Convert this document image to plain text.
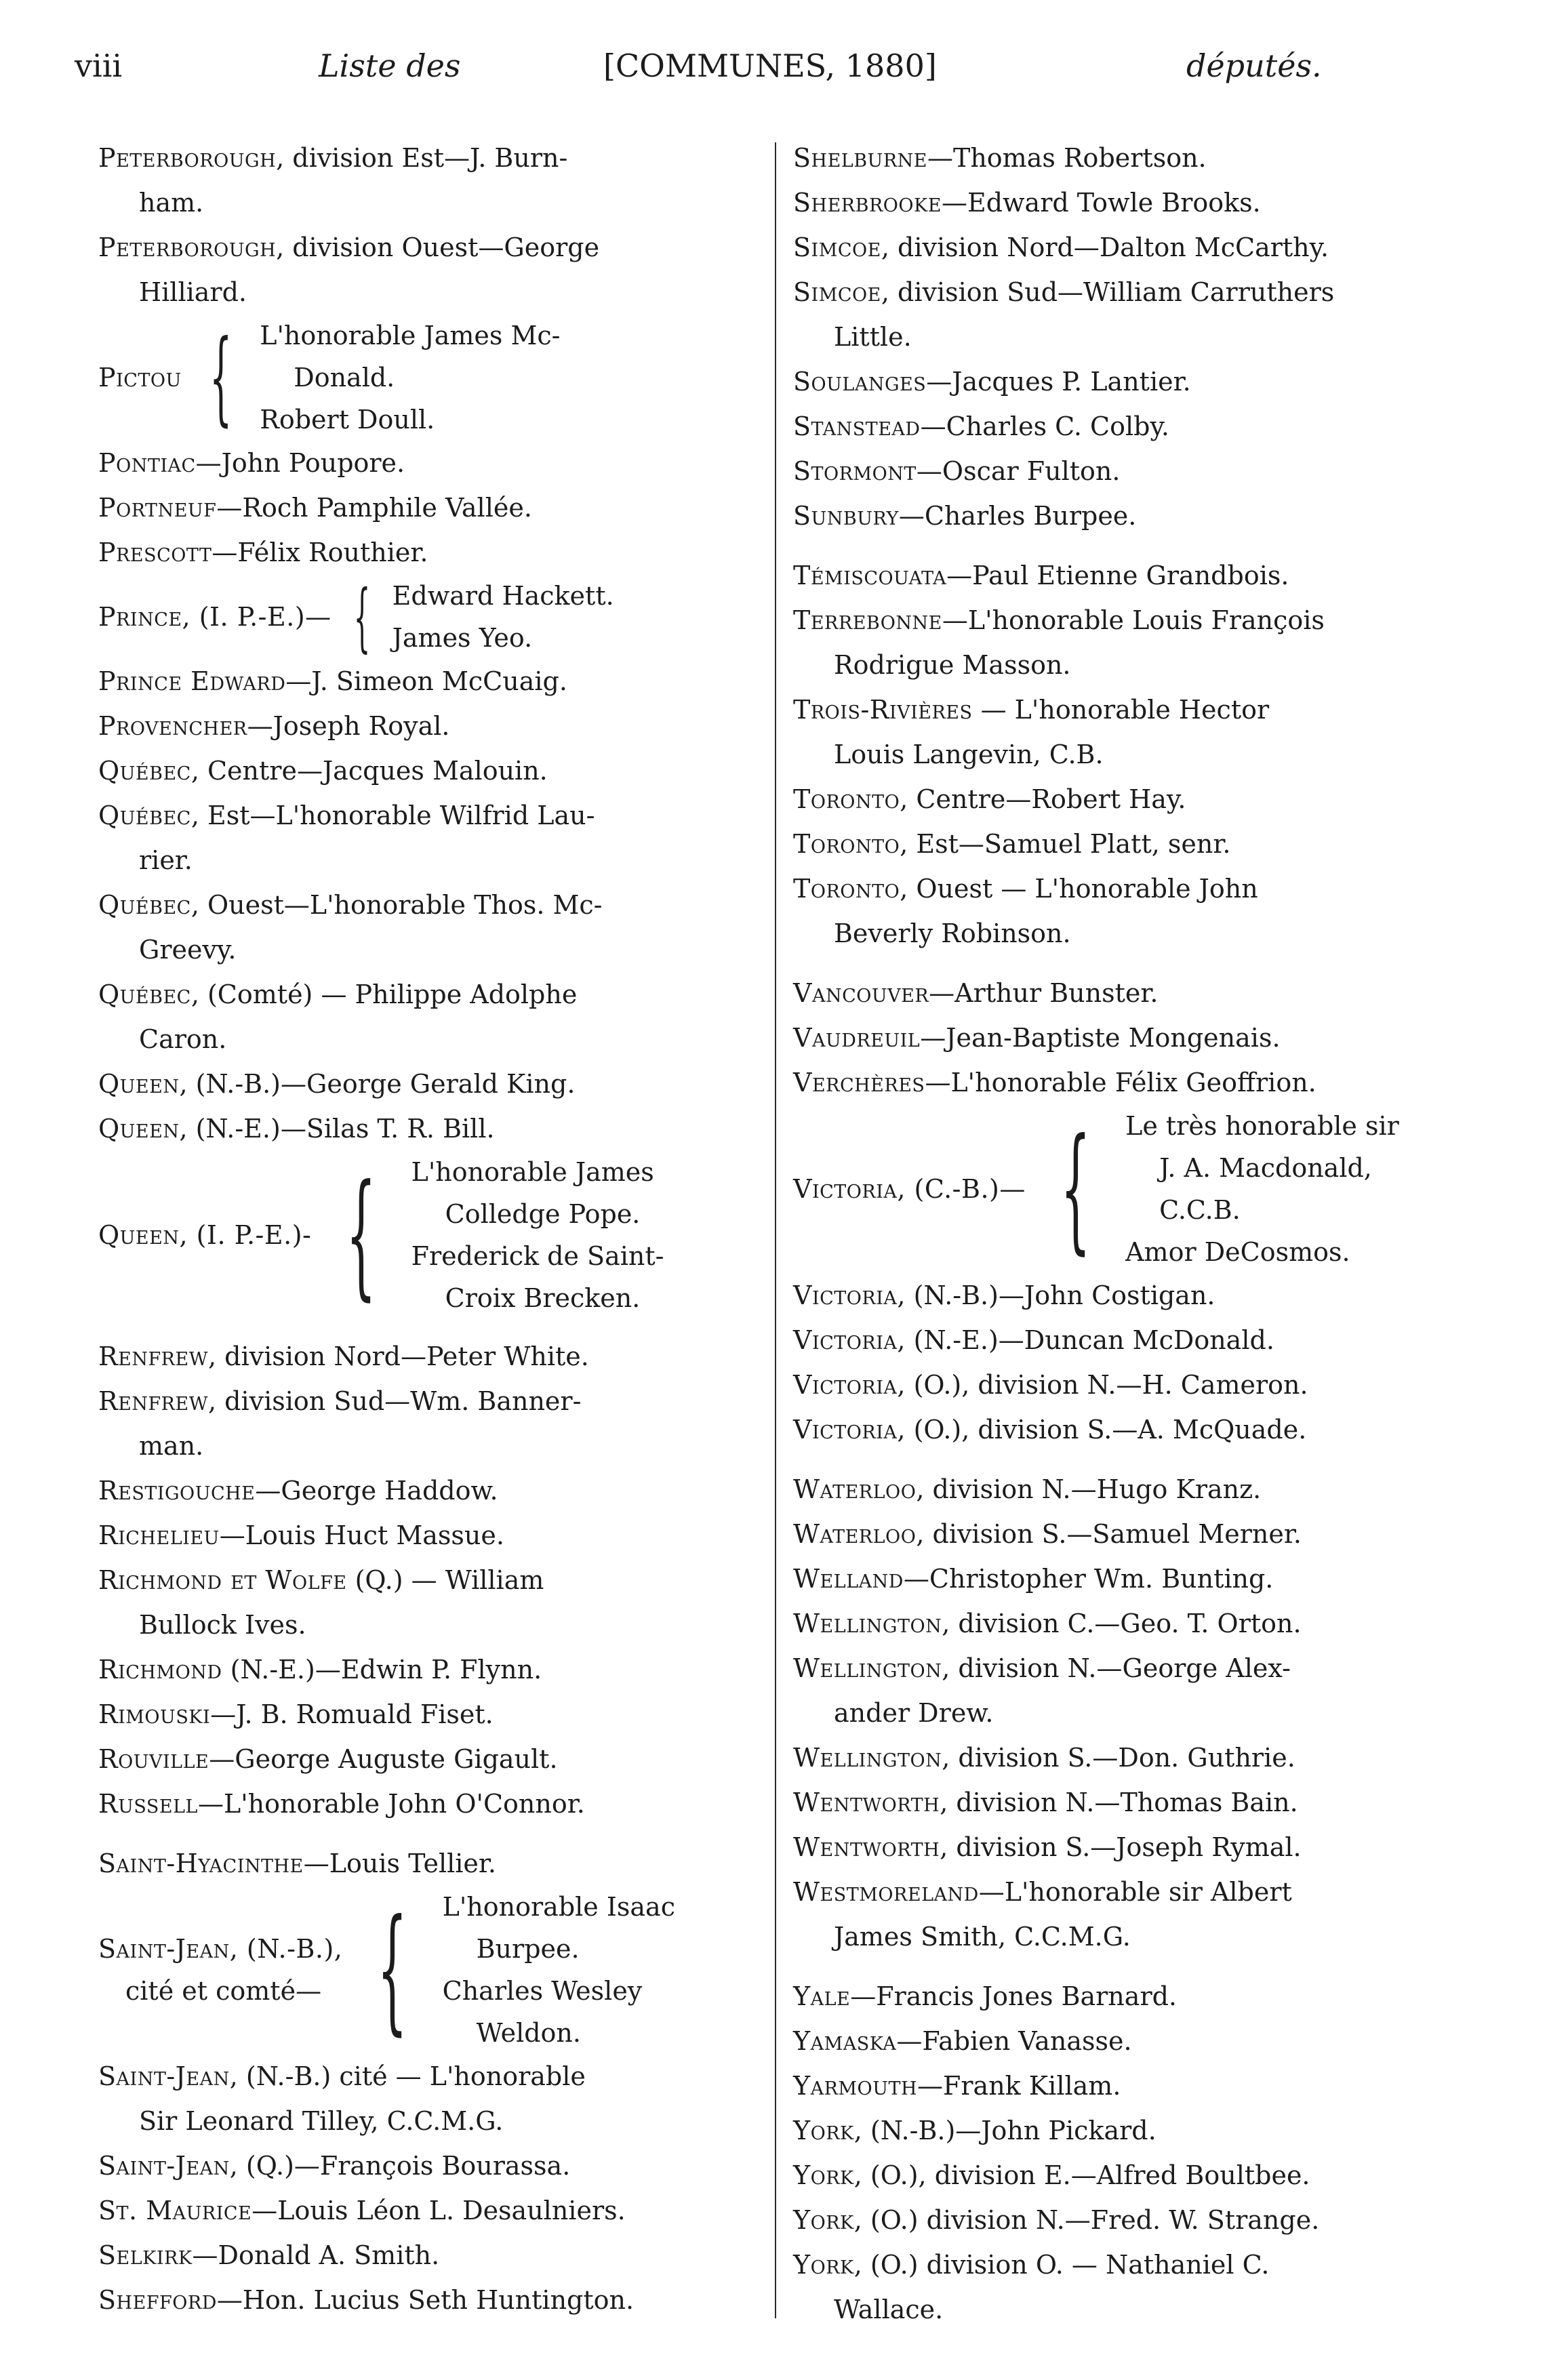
viii	Liste des	[COMMUNES, 1880]	députés.
Peterborough, division Est—J. Burn-
ham.
Peterborough, division Ouest—George
Hilliard.
Pictou { L'honorable James Mc-
Donald.
Robert Doull.
Pontiac—John Poupore.
Portneuf—Roch Pamphile Vallée.
Prescott—Félix Routhier.
Prince, (I. P.-E.)— { Edward Hackett.
James Yeo.
Prince Edward—J. Simeon McCuaig.
Provencher—Joseph Royal.
Québec, Centre—Jacques Malouin.
Québec, Est—L'honorable Wilfrid Lau-
rier.
Québec, Ouest—L'honorable Thos. Mc-
Greevy.
Québec, (Comté) — Philippe Adolphe
Caron.
Queen, (N.-B.)—George Gerald King.
Queen, (N.-E.)—Silas T. R. Bill.
Queen, (I. P.-E.)- { L'honorable James
Colledge Pope.
Frederick de Saint-
Croix Brecken.
Renfrew, division Nord—Peter White.
Renfrew, division Sud—Wm. Banner-
man.
Restigouche—George Haddow.
Richelieu—Louis Huct Massue.
Richmond et Wolfe (Q.) — William
Bullock Ives.
Richmond (N.-E.)—Edwin P. Flynn.
Rimouski—J. B. Romuald Fiset.
Rouville—George Auguste Gigault.
Russell—L'honorable John O'Connor.
Saint-Hyacinthe—Louis Tellier.
Saint-Jean, (N.-B.),
cité et comté— { L'honorable Isaac
Burpee.
Charles Wesley
Weldon.
Saint-Jean, (N.-B.) cité — L'honorable
Sir Leonard Tilley, C.C.M.G.
Saint-Jean, (Q.)—François Bourassa.
St. Maurice—Louis Léon L. Desaulniers.
Selkirk—Donald A. Smith.
Shefford—Hon. Lucius Seth Huntington.
Shelburne—Thomas Robertson.
Sherbrooke—Edward Towle Brooks.
Simcoe, division Nord—Dalton McCarthy.
Simcoe, division Sud—William Carruthers
Little.
Soulanges—Jacques P. Lantier.
Stanstead—Charles C. Colby.
Stormont—Oscar Fulton.
Sunbury—Charles Burpee.
Témiscouata—Paul Etienne Grandbois.
Terrebonne—L'honorable Louis François
Rodrigue Masson.
Trois-Rivières — L'honorable Hector
Louis Langevin, C.B.
Toronto, Centre—Robert Hay.
Toronto, Est—Samuel Platt, senr.
Toronto, Ouest — L'honorable John
Beverly Robinson.
Vancouver—Arthur Bunster.
Vaudreuil—Jean-Baptiste Mongenais.
Verchères—L'honorable Félix Geoffrion.
Victoria, (C.-B.)— { Le très honorable sir
J. A. Macdonald,
C.C.B.
Amor DeCosmos.
Victoria, (N.-B.)—John Costigan.
Victoria, (N.-E.)—Duncan McDonald.
Victoria, (O.), division N.—H. Cameron.
Victoria, (O.), division S.—A. McQuade.
Waterloo, division N.—Hugo Kranz.
Waterloo, division S.—Samuel Merner.
Welland—Christopher Wm. Bunting.
Wellington, division C.—Geo. T. Orton.
Wellington, division N.—George Alex-
ander Drew.
Wellington, division S.—Don. Guthrie.
Wentworth, division N.—Thomas Bain.
Wentworth, division S.—Joseph Rymal.
Westmoreland—L'honorable sir Albert
James Smith, C.C.M.G.
Yale—Francis Jones Barnard.
Yamaska—Fabien Vanasse.
Yarmouth—Frank Killam.
York, (N.-B.)—John Pickard.
York, (O.), division E.—Alfred Boultbee.
York, (O.) division N.—Fred. W. Strange.
York, (O.) division O. — Nathaniel C.
Wallace.
